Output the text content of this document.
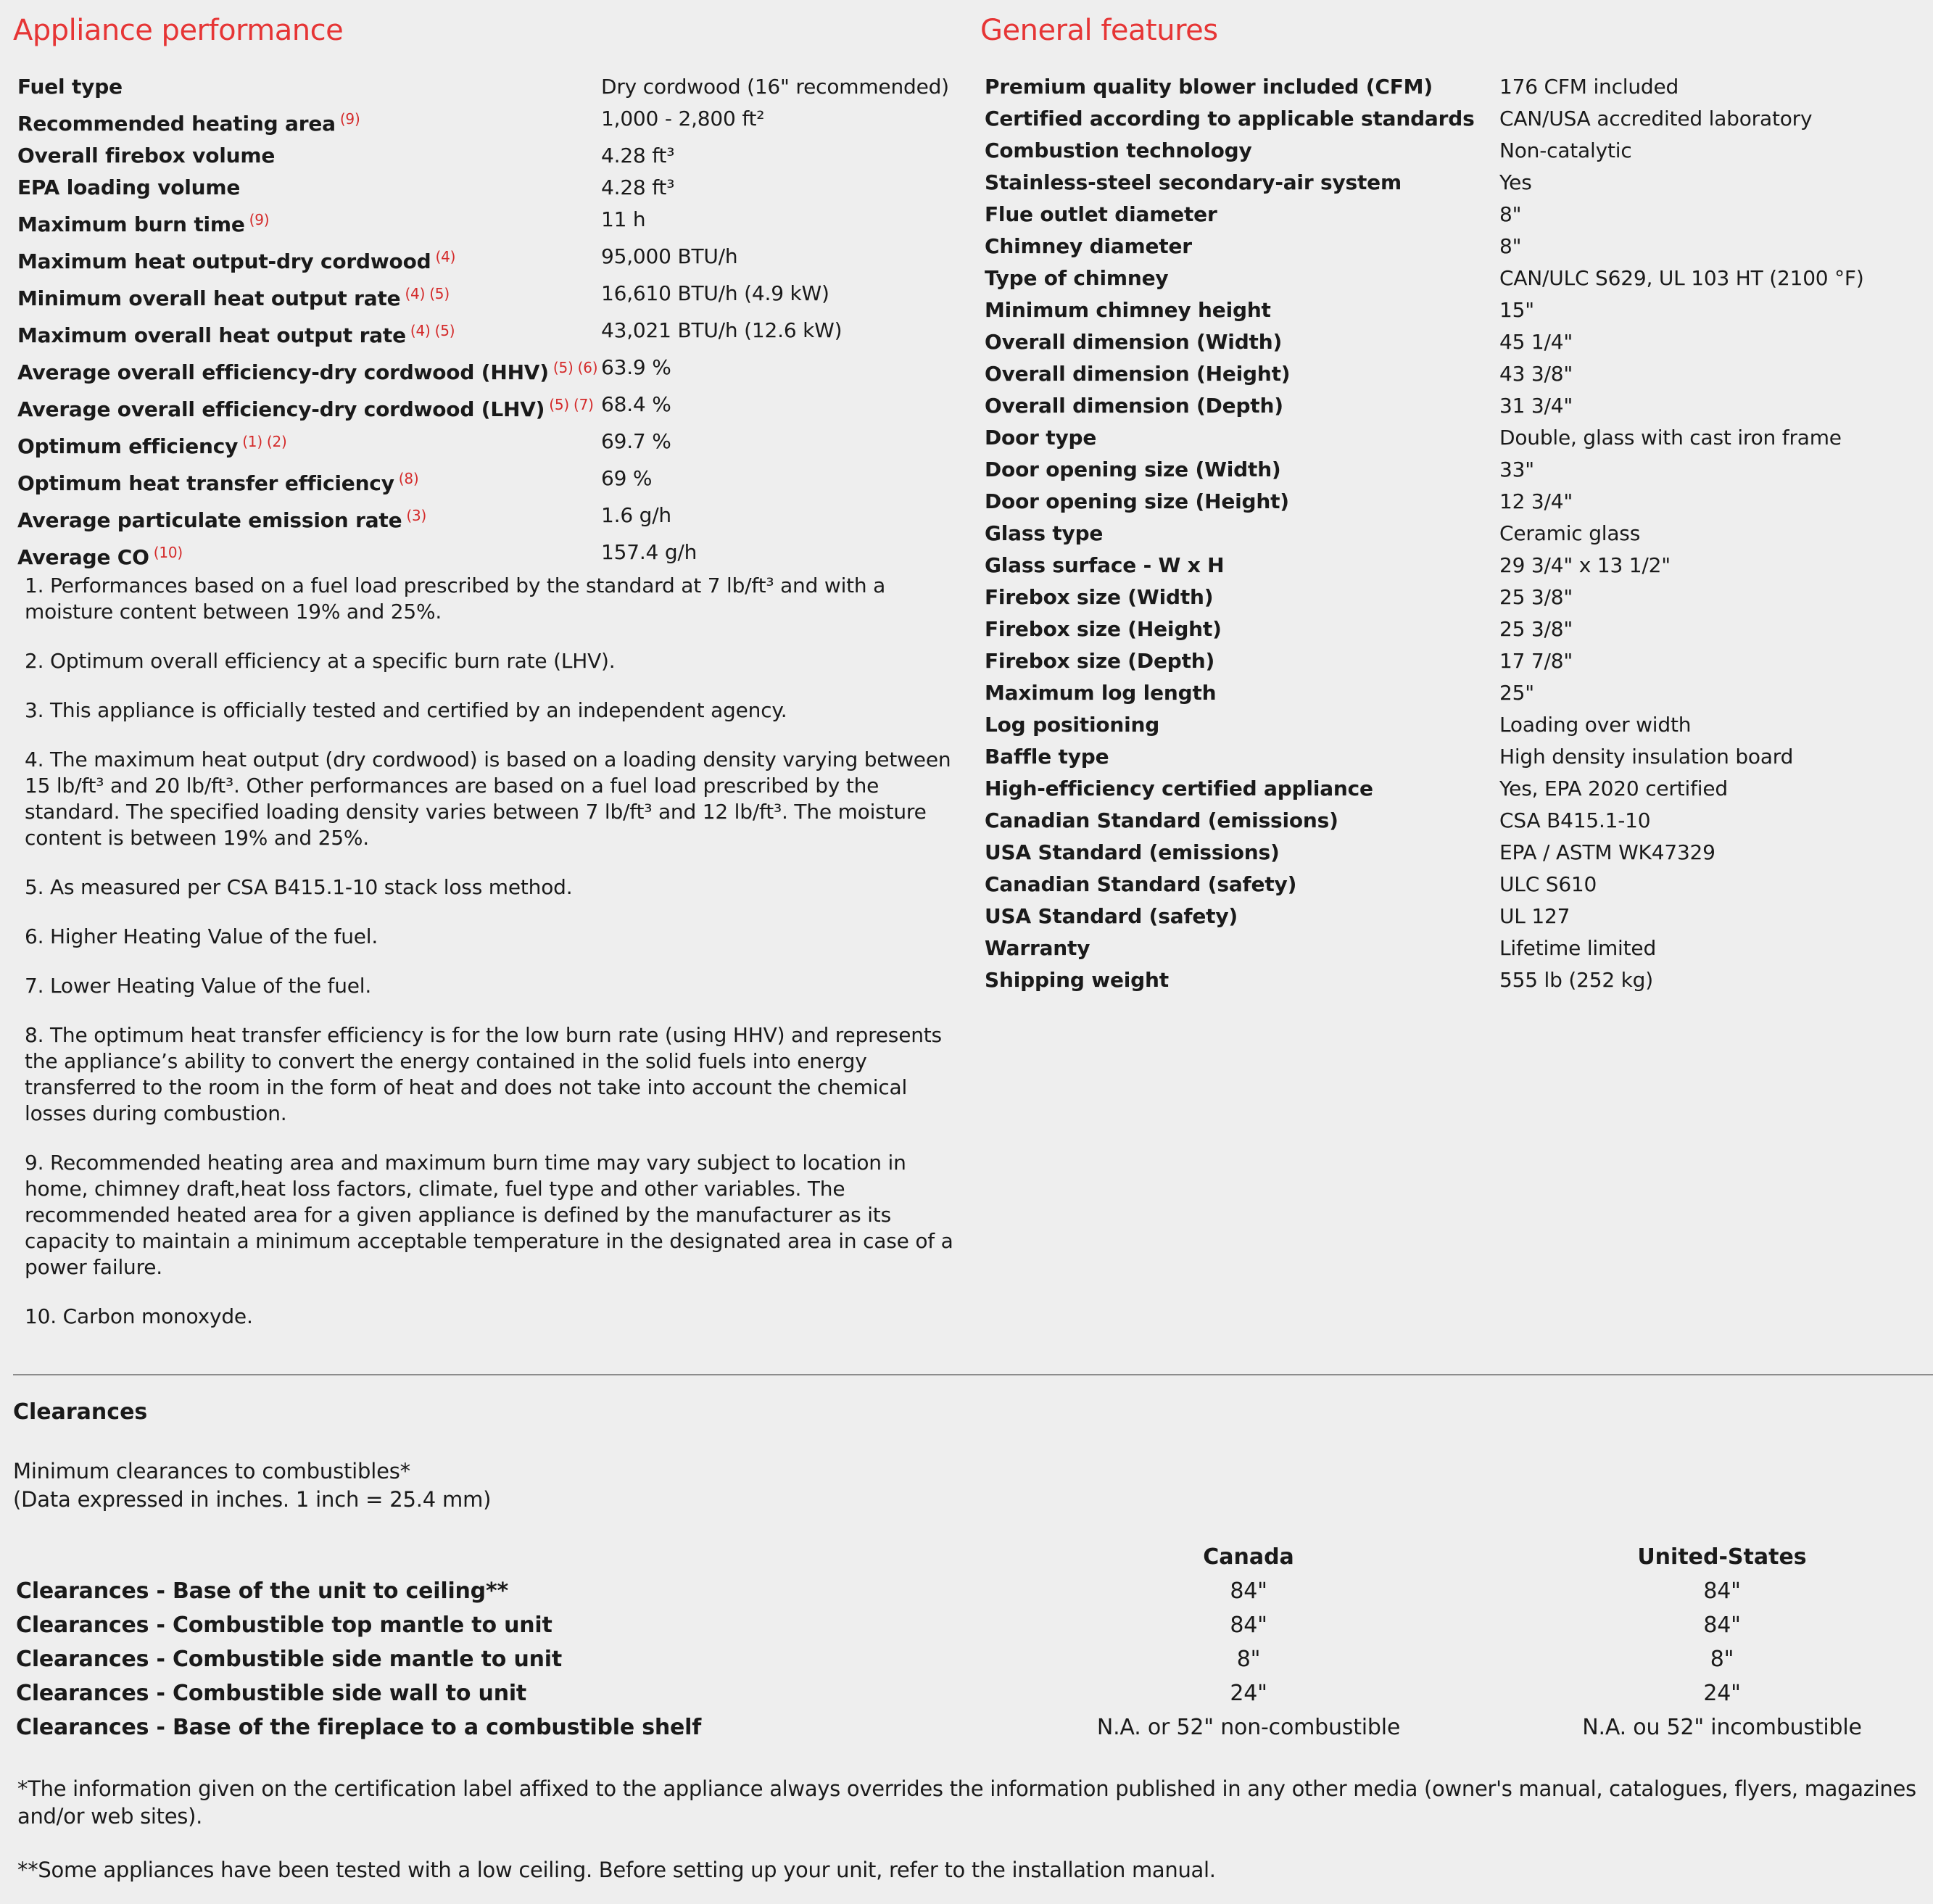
Appliance performance	General features
Fuel type	Dry cordwood (16" recommended)
Recommended heating area $^{(9)}$	1,000 - 2,800 ft²
Overall firebox volume	4.28 ft³
EPA loading volume	4.28 ft³
Maximum burn time $^{(9)}$	11 h
Maximum heat output-dry cordwood $^{(4)}$	95,000 BTU/h
Minimum overall heat output rate $^{(4)}$ $^{(5)}$	16,610 BTU/h (4.9 kW)
Maximum overall heat output rate $^{(4)}$ $^{(5)}$	43,021 BTU/h (12.6 kW)
Average overall efficiency-dry cordwood (HHV) $^{(5)}$ $^{(6)}$	63.9 %
Average overall efficiency-dry cordwood (LHV) $^{(5)}$ $^{(7)}$	68.4 %
Optimum efficiency $^{(1)}$ $^{(2)}$	69.7 %
Optimum heat transfer efficiency $^{(8)}$	69 %
Average particulate emission rate $^{(3)}$	1.6 g/h
Average CO $^{(10)}$	157.4 g/h
Premium quality blower included (CFM)	176 CFM included
Certified according to applicable standards	CAN/USA accredited laboratory
Combustion technology	Non-catalytic
Stainless-steel secondary-air system	Yes
Flue outlet diameter	8"
Chimney diameter	8"
Type of chimney	CAN/ULC S629, UL 103 HT (2100 °F)
Minimum chimney height	15"
Overall dimension (Width)	45 1/4"
Overall dimension (Height)	43 3/8"
Overall dimension (Depth)	31 3/4"
Door type	Double, glass with cast iron frame
Door opening size (Width)	33"
Door opening size (Height)	12 3/4"
Glass type	Ceramic glass
Glass surface - W x H	29 3/4" x 13 1/2"
Firebox size (Width)	25 3/8"
Firebox size (Height)	25 3/8"
Firebox size (Depth)	17 7/8"
Maximum log length	25"
Log positioning	Loading over width
Baffle type	High density insulation board
High-efficiency certified appliance	Yes, EPA 2020 certified
Canadian Standard (emissions)	CSA B415.1-10
USA Standard (emissions)	EPA / ASTM WK47329
Canadian Standard (safety)	ULC S610
USA Standard (safety)	UL 127
Warranty	Lifetime limited
Shipping weight	555 lb (252 kg)

1. Performances based on a fuel load prescribed by the standard at 7 lb/ft³ and with a moisture content between 19% and 25%.

2. Optimum overall efficiency at a specific burn rate (LHV).

3. This appliance is officially tested and certified by an independent agency.

4. The maximum heat output (dry cordwood) is based on a loading density varying between 15 lb/ft³ and 20 lb/ft³. Other performances are based on a fuel load prescribed by the standard. The specified loading density varies between 7 lb/ft³ and 12 lb/ft³. The moisture content is between 19% and 25%.

5. As measured per CSA B415.1-10 stack loss method.

6. Higher Heating Value of the fuel.

7. Lower Heating Value of the fuel.

8. The optimum heat transfer efficiency is for the low burn rate (using HHV) and represents the appliance’s ability to convert the energy contained in the solid fuels into energy transferred to the room in the form of heat and does not take into account the chemical losses during combustion.

9. Recommended heating area and maximum burn time may vary subject to location in home, chimney draft,heat loss factors, climate, fuel type and other variables. The recommended heated area for a given appliance is defined by the manufacturer as its capacity to maintain a minimum acceptable temperature in the designated area in case of a power failure.

10. Carbon monoxyde.

Clearances
Minimum clearances to combustibles*
(Data expressed in inches. 1 inch = 25.4 mm)
	Canada	United-States
Clearances - Base of the unit to ceiling**	84"	84"
Clearances - Combustible top mantle to unit	84"	84"
Clearances - Combustible side mantle to unit	8"	8"
Clearances - Combustible side wall to unit	24"	24"
Clearances - Base of the fireplace to a combustible shelf	N.A. or 52" non-combustible	N.A. ou 52" incombustible
*The information given on the certification label affixed to the appliance always overrides the information published in any other media (owner's manual, catalogues, flyers, magazines and/or web sites).
**Some appliances have been tested with a low ceiling. Before setting up your unit, refer to the installation manual.
